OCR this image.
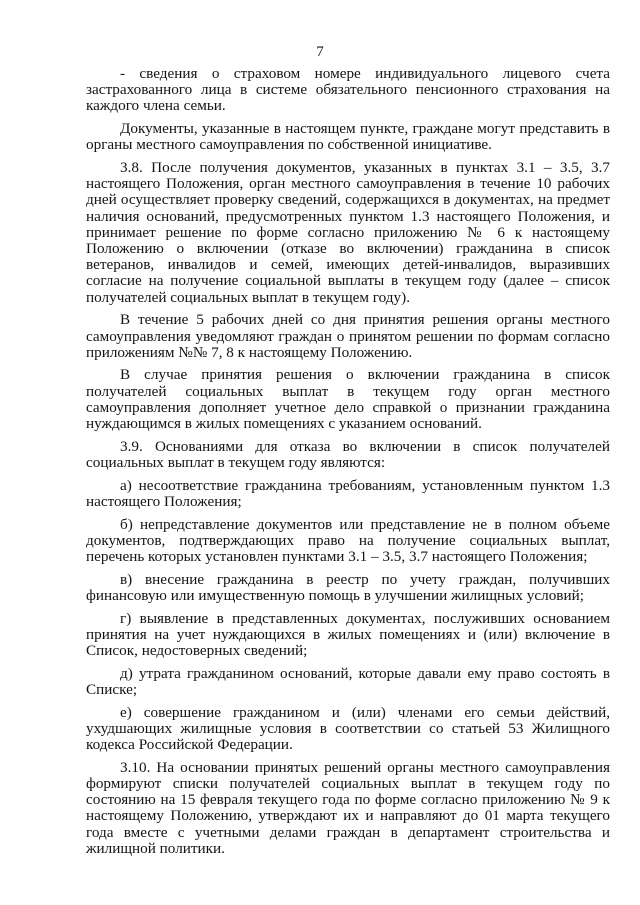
7

- сведения о страховом номере индивидуального лицевого счета застрахованного лица в системе обязательного пенсионного страхования на каждого члена семьи.

Документы, указанные в настоящем пункте, граждане могут представить в органы местного самоуправления по собственной инициативе.

3.8. После получения документов, указанных в пунктах 3.1 – 3.5, 3.7 настоящего Положения, орган местного самоуправления в течение 10 рабочих дней осуществляет проверку сведений, содержащихся в документах, на предмет наличия оснований, предусмотренных пунктом 1.3 настоящего Положения, и принимает решение по форме согласно приложению № 6 к настоящему Положению о включении (отказе во включении) гражданина в список ветеранов, инвалидов и семей, имеющих детей-инвалидов, выразивших согласие на получение социальной выплаты в текущем году (далее – список получателей социальных выплат в текущем году).

В течение 5 рабочих дней со дня принятия решения органы местного самоуправления уведомляют граждан о принятом решении по формам согласно приложениям №№ 7, 8 к настоящему Положению.

В случае принятия решения о включении гражданина в список получателей социальных выплат в текущем году орган местного самоуправления дополняет учетное дело справкой о признании гражданина нуждающимся в жилых помещениях с указанием оснований.

3.9. Основаниями для отказа во включении в список получателей социальных выплат в текущем году являются:

а) несоответствие гражданина требованиям, установленным пунктом 1.3 настоящего Положения;

б) непредставление документов или представление не в полном объеме документов, подтверждающих право на получение социальных выплат, перечень которых установлен пунктами 3.1 – 3.5, 3.7 настоящего Положения;

в) внесение гражданина в реестр по учету граждан, получивших финансовую или имущественную помощь в улучшении жилищных условий;

г) выявление в представленных документах, послуживших основанием принятия на учет нуждающихся в жилых помещениях и (или) включение в Список, недостоверных сведений;

д) утрата гражданином оснований, которые давали ему право состоять в Списке;

е) совершение гражданином и (или) членами его семьи действий, ухудшающих жилищные условия в соответствии со статьей 53 Жилищного кодекса Российской Федерации.

3.10. На основании принятых решений органы местного самоуправления формируют списки получателей социальных выплат в текущем году по состоянию на 15 февраля текущего года по форме согласно приложению № 9 к настоящему Положению, утверждают их и направляют до 01 марта текущего года вместе с учетными делами граждан в департамент строительства и жилищной политики.
